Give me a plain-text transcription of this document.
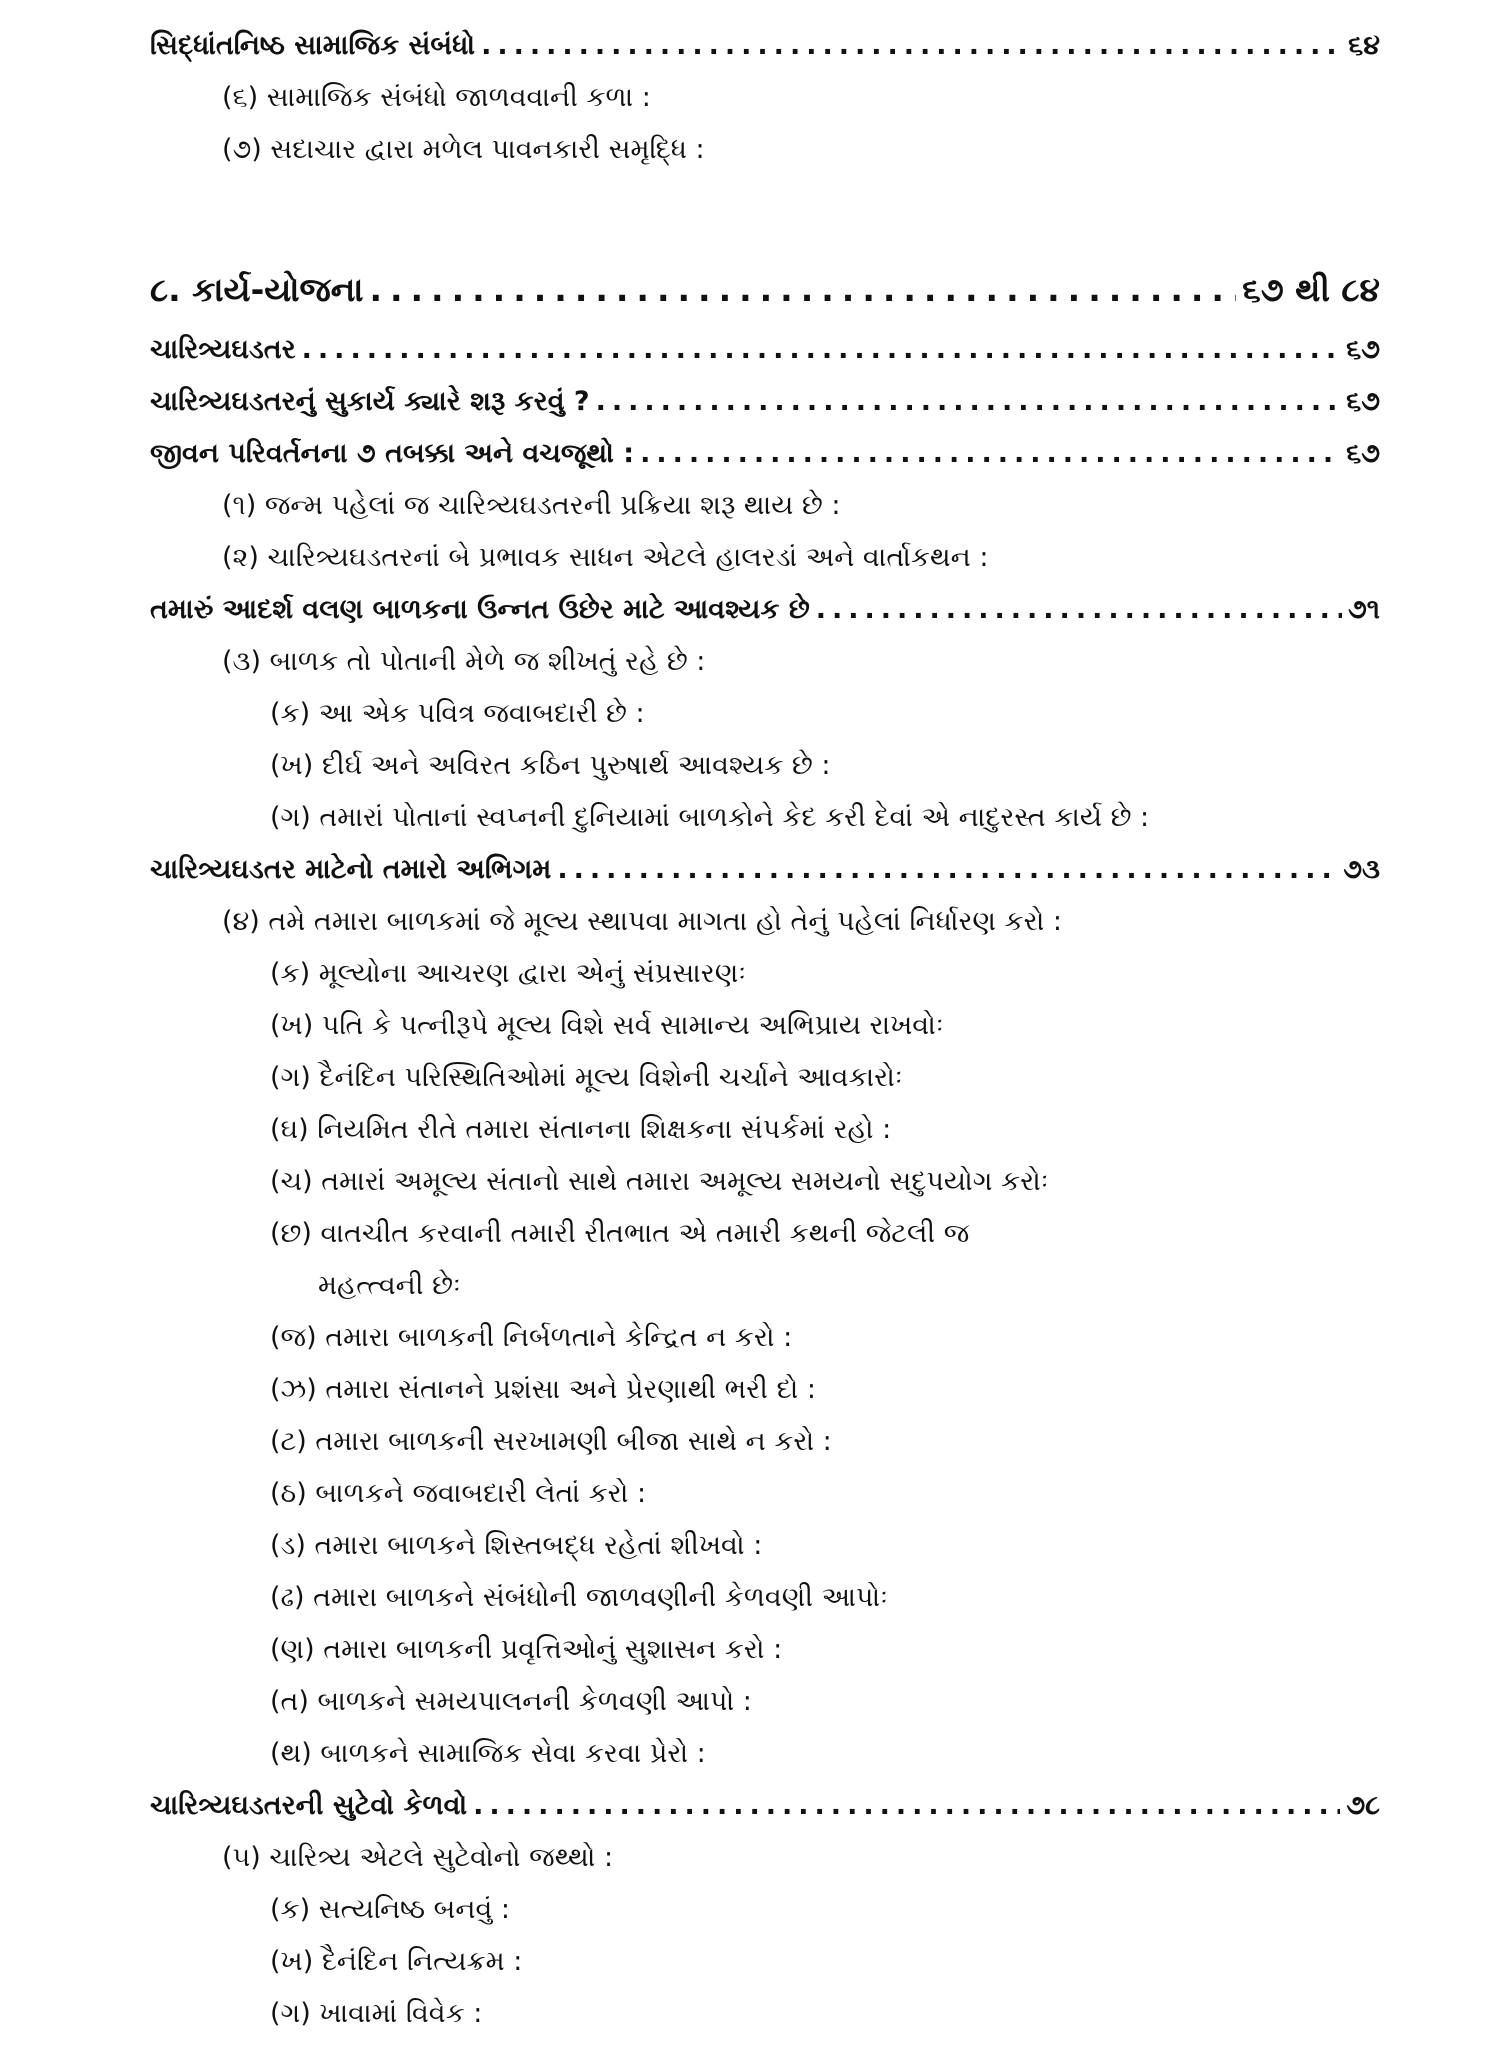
સિદ્ધાંતનિષ્ઠ સામાજિક સંબંધો .....	૬૪
(૬) સામાજિક સંબંધો જાળવવાની કળા :
(૭) સદાચાર દ્વારા મળેલ પાવનકારી સમૃદ્ધિ :
૮. કાર્ય-યોજના .....	૬૭ થી ૮૪
ચારિત્ર્યઘડતર .....	૬૭
ચારિત્ર્યઘડતરનું સુકાર્ય ક્યારે શરૂ કરવું ? .....	૬૭
જીવન પરિવર્તનના ૭ તબક્કા અને વચજૂથો : .....	૬૭
(૧) જન્મ પહેલાં જ ચારિત્ર્યઘડતરની પ્રક્રિયા શરૂ થાય છે :
(૨) ચારિત્ર્યઘડતરનાં બે પ્રભાવક સાધન એટલે હાલરડાં અને વાર્તાકથન :
તમારું આદર્શ વલણ બાળકના ઉન્નત ઉછેર માટે આવશ્યક છે .....	૭૧
(૩) બાળક તો પોતાની મેળે જ શીખતું રહે છે :
(ક) આ એક પવિત્ર જવાબદારી છે :
(ખ) દીર્ઘ અને અવિરત કઠિન પુરુષાર્થ આવશ્યક છે :
(ગ) તમારાં પોતાનાં સ્વપ્નની દુનિયામાં બાળકોને કેદ કરી દેવાં એ નાદુરસ્ત કાર્ય છે :
ચારિત્ર્યઘડતર માટેનો તમારો અભિગમ .....	૭૩
(૪) તમે તમારા બાળકમાં જે મૂલ્ય સ્થાપવા માગતા હો તેનું પહેલાં નિર્ધારણ કરો :
(ક) મૂલ્યોના આચરણ દ્વારા એનું સંપ્રસારણઃ
(ખ) પતિ કે પત્નીરૂપે મૂલ્ય વિશે સર્વ સામાન્ય અભિપ્રાય રાખવોઃ
(ગ) દૈનંદિન પરિસ્થિતિઓમાં મૂલ્ય વિશેની ચર્ચાને આવકારોઃ
(ઘ) નિયમિત રીતે તમારા સંતાનના શિક્ષકના સંપર્કમાં રહો :
(ચ) તમારાં અમૂલ્ય સંતાનો સાથે તમારા અમૂલ્ય સમયનો સદુપયોગ કરોઃ
(છ) વાતચીત કરવાની તમારી રીતભાત એ તમારી કથની જેટલી જ
મહત્ત્વની છેઃ
(જ) તમારા બાળકની નિર્બળતાને કેન્દ્રિત ન કરો :
(ઝ) તમારા સંતાનને પ્રશંસા અને પ્રેરણાથી ભરી દો :
(ટ) તમારા બાળકની સરખામણી બીજા સાથે ન કરો :
(ઠ) બાળકને જવાબદારી લેતાં કરો :
(ડ) તમારા બાળકને શિસ્તબદ્ધ રહેતાં શીખવો :
(ઢ) તમારા બાળકને સંબંધોની જાળવણીની કેળવણી આપોઃ
(ણ) તમારા બાળકની પ્રવૃત્તિઓનું સુશાસન કરો :
(ત) બાળકને સમયપાલનની કેળવણી આપો :
(થ) બાળકને સામાજિક સેવા કરવા પ્રેરો :
ચારિત્ર્યઘડતરની સુટેવો કેળવો .....	૭૮
(૫) ચારિત્ર્ય એટલે સુટેવોનો જથ્થો :
(ક) સત્યનિષ્ઠ બનવું :
(ખ) દૈનંદિન નિત્યક્રમ :
(ગ) ખાવામાં વિવેક :
